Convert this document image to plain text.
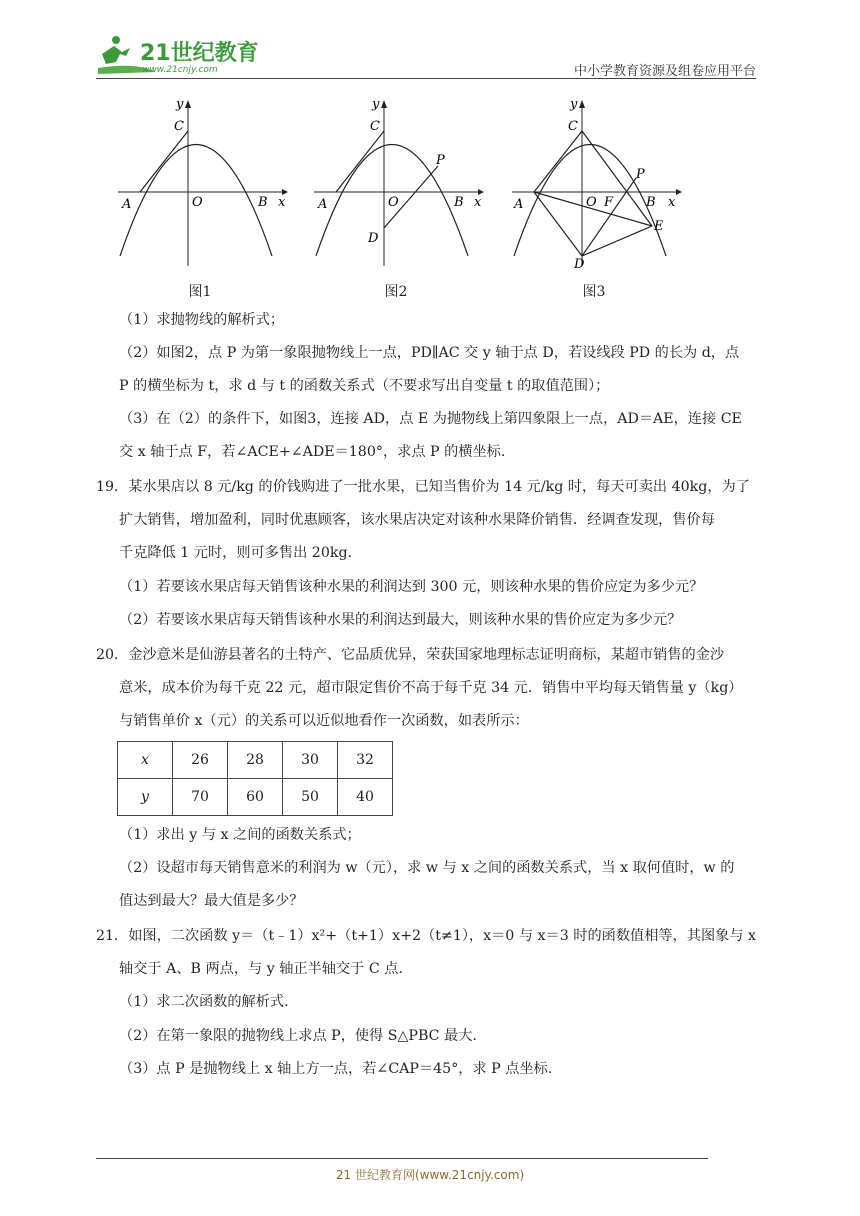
21世纪教育
www.21cnjy.com	中小学教育资源及组卷应用平台
y
C
A	O	B x
图1
y
C
P
A	O	B x
D
图2
y
C
P
A	O F	B x
E
D
图3
（1）求抛物线的解析式；
（2）如图2，点 P 为第一象限抛物线上一点，PD∥AC 交 y 轴于点 D，若设线段 PD 的长为 d，点
P 的横坐标为 t，求 d 与 t 的函数关系式（不要求写出自变量 t 的取值范围）；
（3）在（2）的条件下，如图3，连接 AD，点 E 为抛物线上第四象限上一点，AD＝AE，连接 CE
交 x 轴于点 F，若∠ACE+∠ADE＝180°，求点 P 的横坐标.
19．某水果店以 8 元/kg 的价钱购进了一批水果，已知当售价为 14 元/kg 时，每天可卖出 40kg，为了
扩大销售，增加盈利，同时优惠顾客，该水果店决定对该种水果降价销售．经调查发现，售价每
千克降低 1 元时，则可多售出 20kg.
（1）若要该水果店每天销售该种水果的利润达到 300 元，则该种水果的售价应定为多少元？
（2）若要该水果店每天销售该种水果的利润达到最大，则该种水果的售价应定为多少元？
20．金沙意米是仙游县著名的土特产、它品质优异，荣获国家地理标志证明商标，某超市销售的金沙
意米，成本价为每千克 22 元，超市限定售价不高于每千克 34 元．销售中平均每天销售量 y（kg）
与销售单价 x（元）的关系可以近似地看作一次函数，如表所示：
x	26	28	30	32
y	70	60	50	40
（1）求出 y 与 x 之间的函数关系式；
（2）设超市每天销售意米的利润为 w（元），求 w 与 x 之间的函数关系式，当 x 取何值时，w 的
值达到最大？最大值是多少？
21．如图，二次函数 y＝（t﹣1）x²+（t+1）x+2（t≠1），x＝0 与 x＝3 时的函数值相等，其图象与 x
轴交于 A、B 两点，与 y 轴正半轴交于 C 点.
（1）求二次函数的解析式.
（2）在第一象限的抛物线上求点 P，使得 S△PBC 最大.
（3）点 P 是抛物线上 x 轴上方一点，若∠CAP＝45°，求 P 点坐标.
21 世纪教育网(www.21cnjy.com)
